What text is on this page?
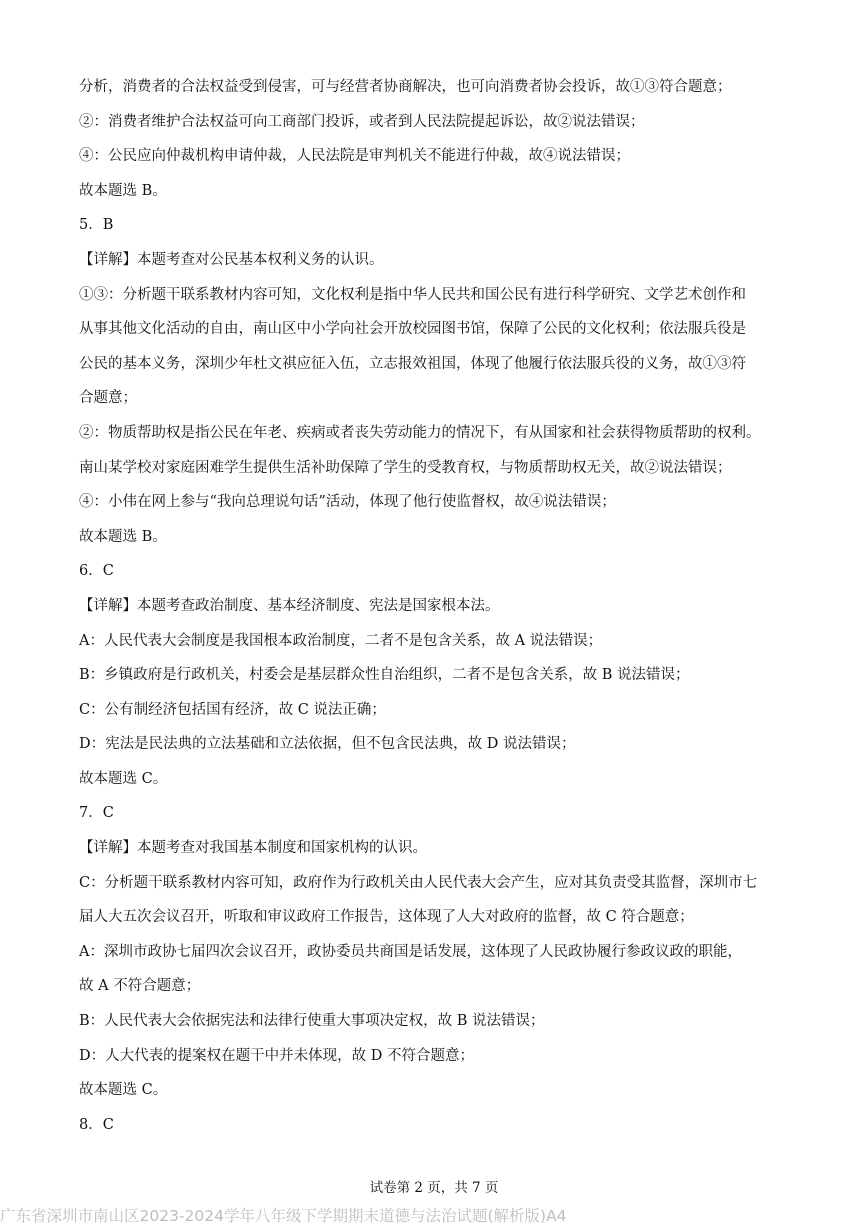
分析，消费者的合法权益受到侵害，可与经营者协商解决，也可向消费者协会投诉，故①③符合题意；
②：消费者维护合法权益可向工商部门投诉，或者到人民法院提起诉讼，故②说法错误；
④：公民应向仲裁机构申请仲裁，人民法院是审判机关不能进行仲裁，故④说法错误；
故本题选 B。
5．B
【详解】本题考查对公民基本权利义务的认识。
①③：分析题干联系教材内容可知，文化权利是指中华人民共和国公民有进行科学研究、文学艺术创作和
从事其他文化活动的自由，南山区中小学向社会开放校园图书馆，保障了公民的文化权利；依法服兵役是
公民的基本义务，深圳少年杜文祺应征入伍，立志报效祖国，体现了他履行依法服兵役的义务，故①③符
合题意；
②：物质帮助权是指公民在年老、疾病或者丧失劳动能力的情况下，有从国家和社会获得物质帮助的权利。
南山某学校对家庭困难学生提供生活补助保障了学生的受教育权，与物质帮助权无关，故②说法错误；
④：小伟在网上参与“我向总理说句话”活动，体现了他行使监督权，故④说法错误；
故本题选 B。
6．C
【详解】本题考查政治制度、基本经济制度、宪法是国家根本法。
A：人民代表大会制度是我国根本政治制度，二者不是包含关系，故 A 说法错误；
B：乡镇政府是行政机关，村委会是基层群众性自治组织，二者不是包含关系，故 B 说法错误；
C：公有制经济包括国有经济，故 C 说法正确；
D：宪法是民法典的立法基础和立法依据，但不包含民法典，故 D 说法错误；
故本题选 C。
7．C
【详解】本题考查对我国基本制度和国家机构的认识。
C：分析题干联系教材内容可知，政府作为行政机关由人民代表大会产生，应对其负责受其监督，深圳市七
届人大五次会议召开，听取和审议政府工作报告，这体现了人大对政府的监督，故 C 符合题意；
A：深圳市政协七届四次会议召开，政协委员共商国是话发展，这体现了人民政协履行参政议政的职能，
故 A 不符合题意；
B：人民代表大会依据宪法和法律行使重大事项决定权，故 B 说法错误；
D：人大代表的提案权在题干中并未体现，故 D 不符合题意；
故本题选 C。
8．C
试卷第 2 页，共 7 页
广东省深圳市南山区2023-2024学年八年级下学期期末道德与法治试题(解析版)A4
